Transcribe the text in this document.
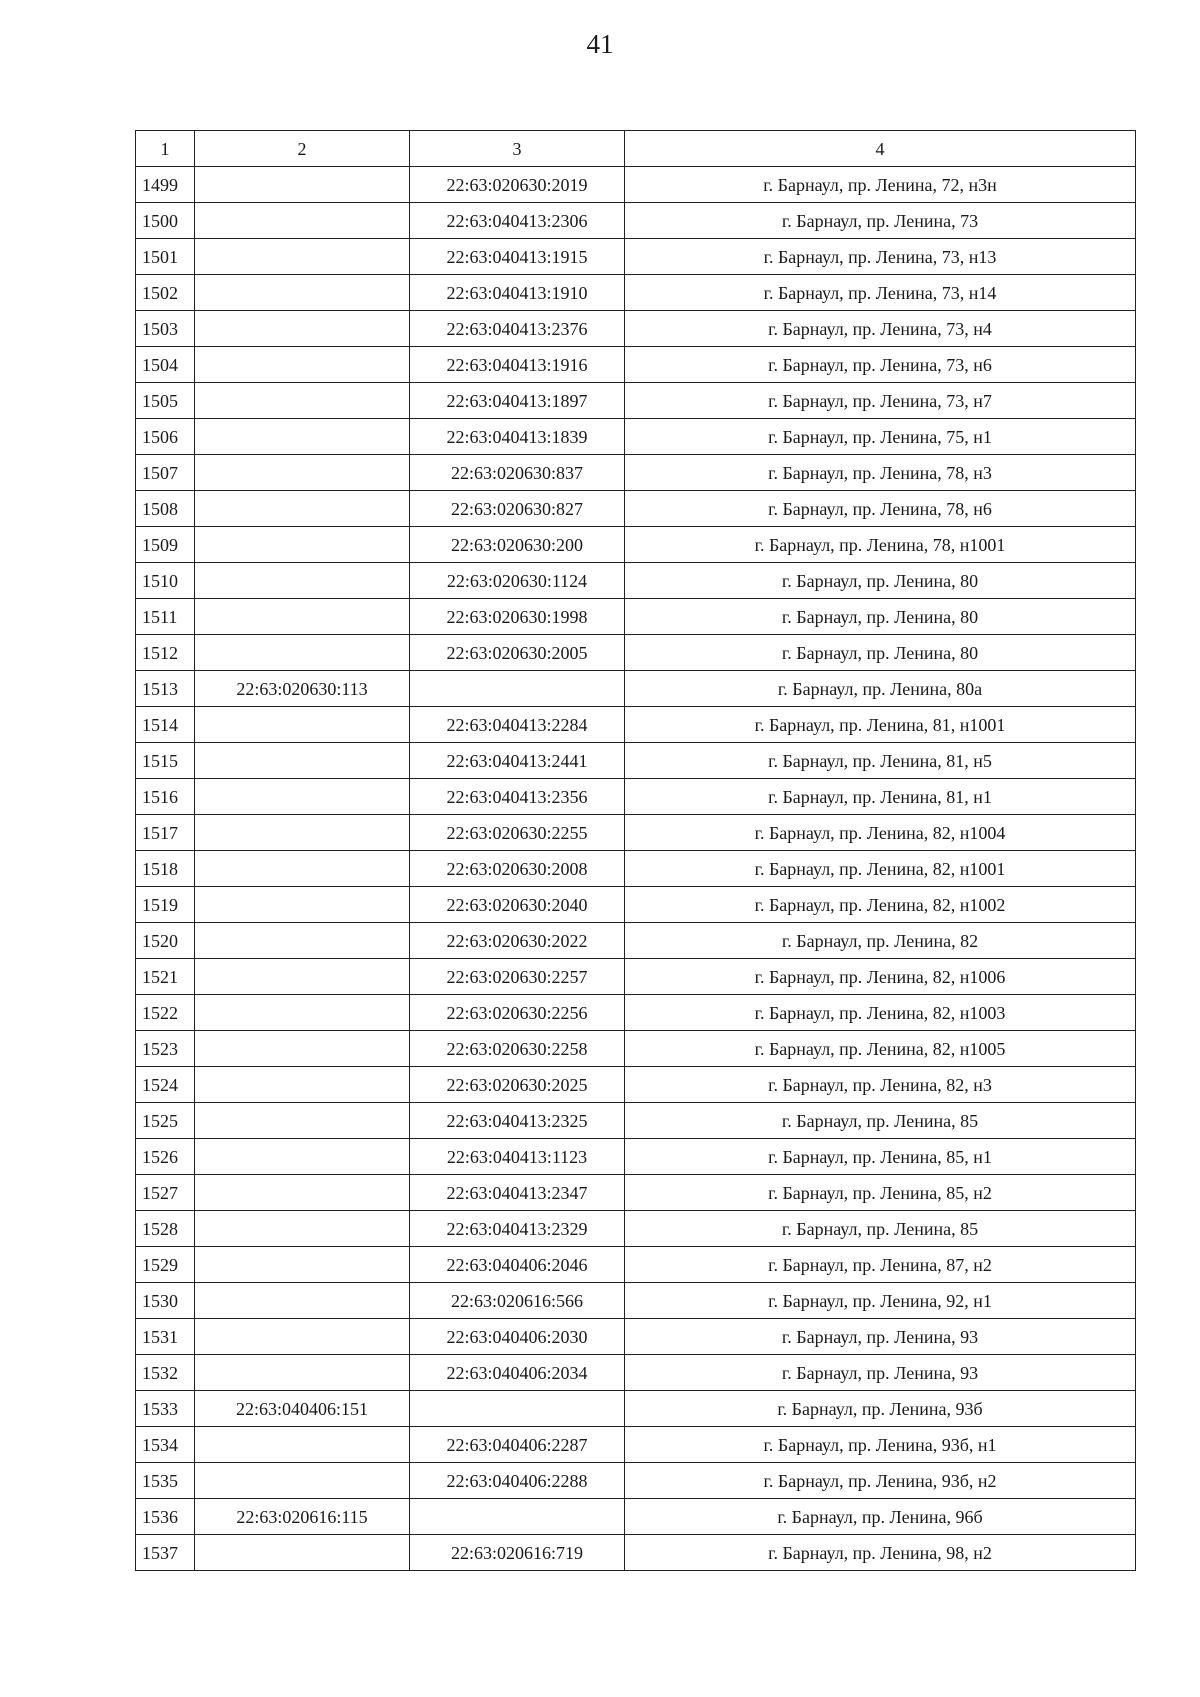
41
1	2	3	4
1499		22:63:020630:2019	г. Барнаул, пр. Ленина, 72, н3н
1500		22:63:040413:2306	г. Барнаул, пр. Ленина, 73
1501		22:63:040413:1915	г. Барнаул, пр. Ленина, 73, н13
1502		22:63:040413:1910	г. Барнаул, пр. Ленина, 73, н14
1503		22:63:040413:2376	г. Барнаул, пр. Ленина, 73, н4
1504		22:63:040413:1916	г. Барнаул, пр. Ленина, 73, н6
1505		22:63:040413:1897	г. Барнаул, пр. Ленина, 73, н7
1506		22:63:040413:1839	г. Барнаул, пр. Ленина, 75, н1
1507		22:63:020630:837	г. Барнаул, пр. Ленина, 78, н3
1508		22:63:020630:827	г. Барнаул, пр. Ленина, 78, н6
1509		22:63:020630:200	г. Барнаул, пр. Ленина, 78, н1001
1510		22:63:020630:1124	г. Барнаул, пр. Ленина, 80
1511		22:63:020630:1998	г. Барнаул, пр. Ленина, 80
1512		22:63:020630:2005	г. Барнаул, пр. Ленина, 80
1513	22:63:020630:113		г. Барнаул, пр. Ленина, 80а
1514		22:63:040413:2284	г. Барнаул, пр. Ленина, 81, н1001
1515		22:63:040413:2441	г. Барнаул, пр. Ленина, 81, н5
1516		22:63:040413:2356	г. Барнаул, пр. Ленина, 81, н1
1517		22:63:020630:2255	г. Барнаул, пр. Ленина, 82, н1004
1518		22:63:020630:2008	г. Барнаул, пр. Ленина, 82, н1001
1519		22:63:020630:2040	г. Барнаул, пр. Ленина, 82, н1002
1520		22:63:020630:2022	г. Барнаул, пр. Ленина, 82
1521		22:63:020630:2257	г. Барнаул, пр. Ленина, 82, н1006
1522		22:63:020630:2256	г. Барнаул, пр. Ленина, 82, н1003
1523		22:63:020630:2258	г. Барнаул, пр. Ленина, 82, н1005
1524		22:63:020630:2025	г. Барнаул, пр. Ленина, 82, н3
1525		22:63:040413:2325	г. Барнаул, пр. Ленина, 85
1526		22:63:040413:1123	г. Барнаул, пр. Ленина, 85, н1
1527		22:63:040413:2347	г. Барнаул, пр. Ленина, 85, н2
1528		22:63:040413:2329	г. Барнаул, пр. Ленина, 85
1529		22:63:040406:2046	г. Барнаул, пр. Ленина, 87, н2
1530		22:63:020616:566	г. Барнаул, пр. Ленина, 92, н1
1531		22:63:040406:2030	г. Барнаул, пр. Ленина, 93
1532		22:63:040406:2034	г. Барнаул, пр. Ленина, 93
1533	22:63:040406:151		г. Барнаул, пр. Ленина, 93б
1534		22:63:040406:2287	г. Барнаул, пр. Ленина, 93б, н1
1535		22:63:040406:2288	г. Барнаул, пр. Ленина, 93б, н2
1536	22:63:020616:115		г. Барнаул, пр. Ленина, 96б
1537		22:63:020616:719	г. Барнаул, пр. Ленина, 98, н2
